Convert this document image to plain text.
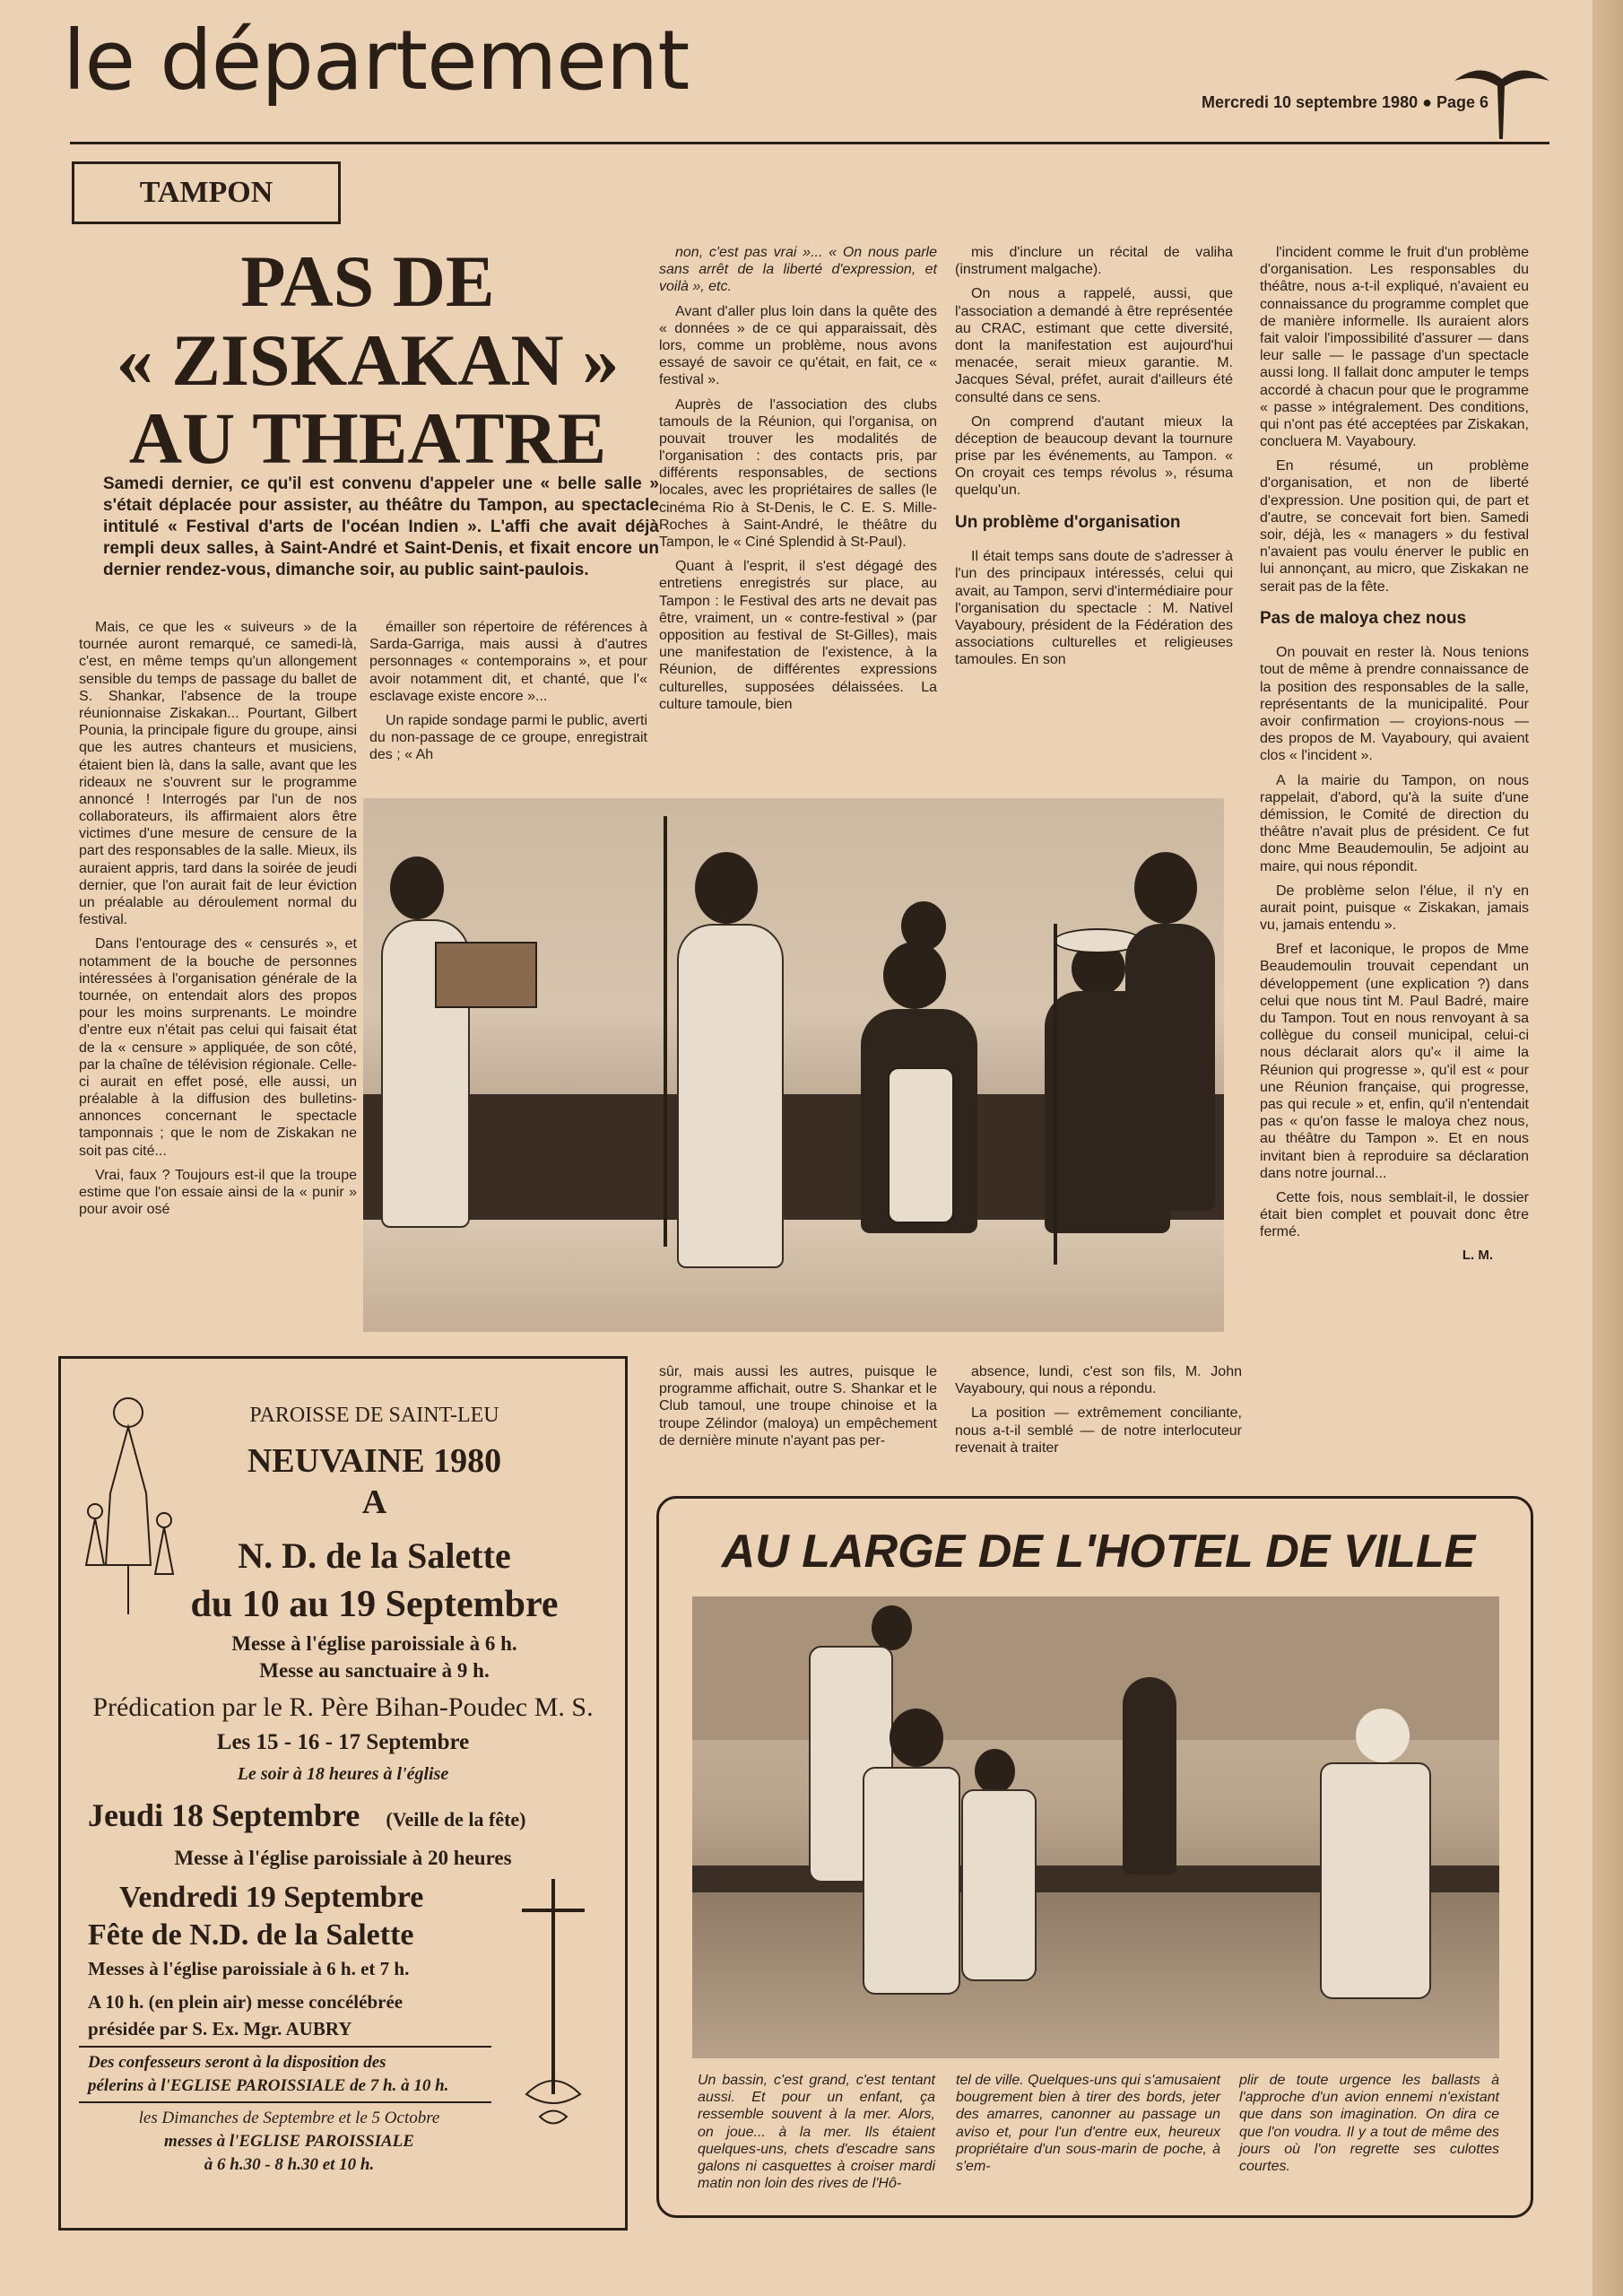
le département	Mercredi 10 septembre 1980 ● Page 6
TAMPON
PAS DE
« ZISKAKAN »
AU THEATRE
Samedi dernier, ce qu'il est convenu d'appeler une « belle salle » s'était déplacée pour assister, au théâtre du Tampon, au spectacle intitulé « Festival d'arts de l'océan Indien ». L'affi che avait déjà rempli deux salles, à Saint-André et Saint-Denis, et fixait encore un dernier rendez-vous, dimanche soir, au public saint-paulois.

Mais, ce que les « suiveurs » de la tournée auront remarqué, ce samedi-là, c'est, en même temps qu'un allongement sensible du temps de passage du ballet de S. Shankar, l'absence de la troupe réunionnaise Ziskakan... Pourtant, Gilbert Pounia, la principale figure du groupe, ainsi que les autres chanteurs et musiciens, étaient bien là, dans la salle, avant que les rideaux ne s'ouvrent sur le programme annoncé ! Interrogés par l'un de nos collaborateurs, ils affirmaient alors être victimes d'une mesure de censure de la part des responsables de la salle. Mieux, ils auraient appris, tard dans la soirée de jeudi dernier, que l'on aurait fait de leur éviction un préalable au déroulement normal du festival.

Dans l'entourage des « censurés », et notamment de la bouche de personnes intéressées à l'organisation générale de la tournée, on entendait alors des propos pour les moins surprenants. Le moindre d'entre eux n'était pas celui qui faisait état de la « censure » appliquée, de son côté, par la chaîne de télévision régionale. Celle-ci aurait en effet posé, elle aussi, un préalable à la diffusion des bulletins-annonces concernant le spectacle tamponnais ; que le nom de Ziskakan ne soit pas cité...

Vrai, faux ? Toujours est-il que la troupe estime que l'on essaie ainsi de la « punir » pour avoir osé

émailler son répertoire de références à Sarda-Garriga, mais aussi à d'autres personnages « contemporains », et pour avoir notamment dit, et chanté, que l'« esclavage existe encore »...

Un rapide sondage parmi le public, averti du non-passage de ce groupe, enregistrait des ; « Ah

non, c'est pas vrai »... « On nous parle sans arrêt de la liberté d'expression, et voilà », etc.

Avant d'aller plus loin dans la quête des « données » de ce qui apparaissait, dès lors, comme un problème, nous avons essayé de savoir ce qu'était, en fait, ce « festival ».

Auprès de l'association des clubs tamouls de la Réunion, qui l'organisa, on pouvait trouver les modalités de l'organisation : des contacts pris, par différents responsables, de sections locales, avec les propriétaires de salles (le cinéma Rio à St-Denis, le C. E. S. Mille-Roches à Saint-André, le théâtre du Tampon, le « Ciné Splendid à St-Paul).

Quant à l'esprit, il s'est dégagé des entretiens enregistrés sur place, au Tampon : le Festival des arts ne devait pas être, vraiment, un « contre-festival » (par opposition au festival de St-Gilles), mais une manifestation de l'existence, à la Réunion, de différentes expressions culturelles, supposées délaissées. La culture tamoule, bien

mis d'inclure un récital de valiha (instrument malgache).

On nous a rappelé, aussi, que l'association a demandé à être représentée au CRAC, estimant que cette diversité, dont la manifestation est aujourd'hui menacée, serait mieux garantie. M. Jacques Séval, préfet, aurait d'ailleurs été consulté dans ce sens.

On comprend d'autant mieux la déception de beaucoup devant la tournure prise par les événements, au Tampon. « On croyait ces temps révolus », résuma quelqu'un.

Un problème d'organisation

Il était temps sans doute de s'adresser à l'un des principaux intéressés, celui qui avait, au Tampon, servi d'intermédiaire pour l'organisation du spectacle : M. Nativel Vayaboury, président de la Fédération des associations culturelles et religieuses tamoules. En son

l'incident comme le fruit d'un problème d'organisation. Les responsables du théâtre, nous a-t-il expliqué, n'avaient eu connaissance du programme complet que de manière informelle. Ils auraient alors fait valoir l'impossibilité d'assurer — dans leur salle — le passage d'un spectacle aussi long. Il fallait donc amputer le temps accordé à chacun pour que le programme « passe » intégralement. Des conditions, qui n'ont pas été acceptées par Ziskakan, concluera M. Vayaboury.

En résumé, un problème d'organisation, et non de liberté d'expression. Une position qui, de part et d'autre, se concevait fort bien. Samedi soir, déjà, les « managers » du festival n'avaient pas voulu énerver le public en lui annonçant, au micro, que Ziskakan ne serait pas de la fête.

Pas de maloya chez nous

On pouvait en rester là. Nous tenions tout de même à prendre connaissance de la position des responsables de la salle, représentants de la municipalité. Pour avoir confirmation — croyions-nous — des propos de M. Vayaboury, qui avaient clos « l'incident ».

A la mairie du Tampon, on nous rappelait, d'abord, qu'à la suite d'une démission, le Comité de direction du théâtre n'avait plus de président. Ce fut donc Mme Beaudemoulin, 5e adjoint au maire, qui nous répondit.

De problème selon l'élue, il n'y en aurait point, puisque « Ziskakan, jamais vu, jamais entendu ».

Bref et laconique, le propos de Mme Beaudemoulin trouvait cependant un développement (une explication ?) dans celui que nous tint M. Paul Badré, maire du Tampon. Tout en nous renvoyant à sa collègue du conseil municipal, celui-ci nous déclarait alors qu'« il aime la Réunion qui progresse », qu'il est « pour une Réunion française, qui progresse, pas qui recule » et, enfin, qu'il n'entendait pas « qu'on fasse le maloya chez nous, au théâtre du Tampon ». Et en nous invitant bien à reproduire sa déclaration dans notre journal...

Cette fois, nous semblait-il, le dossier était bien complet et pouvait donc être fermé.

L. M.
sûr, mais aussi les autres, puisque le programme affichait, outre S. Shankar et le Club tamoul, une troupe chinoise et la troupe Zélindor (maloya) un empêchement de dernière minute n'ayant pas per-

absence, lundi, c'est son fils, M. John Vayaboury, qui nous a répondu.

La position — extrêmement conciliante, nous a-t-il semblé — de notre interlocuteur revenait à traiter

PAROISSE DE SAINT-LEU
NEUVAINE 1980
A
N. D. de la Salette
du 10 au 19 Septembre
Messe à l'église paroissiale à 6 h.
Messe au sanctuaire à 9 h.
Prédication par le R. Père Bihan-Poudec M. S.
Les 15 - 16 - 17 Septembre
Le soir à 18 heures à l'église
Jeudi 18 Septembre (Veille de la fête)
Messe à l'église paroissiale à 20 heures
Vendredi 19 Septembre
Fête de N.D. de la Salette
Messes à l'église paroissiale à 6 h. et 7 h.
A 10 h. (en plein air) messe concélébrée
présidée par S. Ex. Mgr. AUBRY
Des confesseurs seront à la disposition des
pélerins à l'EGLISE PAROISSIALE de 7 h. à 10 h.
les Dimanches de Septembre et le 5 Octobre
messes à l'EGLISE PAROISSIALE
à 6 h.30 - 8 h.30 et 10 h.
AU LARGE DE L'HOTEL DE VILLE
Un bassin, c'est grand, c'est tentant aussi. Et pour un enfant, ça ressemble souvent à la mer. Alors, on joue... à la mer. Ils étaient quelques-uns, chets d'escadre sans galons ni casquettes à croiser mardi matin non loin des rives de l'Hô-
tel de ville. Quelques-uns qui s'amusaient bougrement bien à tirer des bords, jeter des amarres, canonner au passage un aviso et, pour l'un d'entre eux, heureux propriétaire d'un sous-marin de poche, à s'em-
plir de toute urgence les ballasts à l'approche d'un avion ennemi n'existant que dans son imagination. On dira ce que l'on voudra. Il y a tout de même des jours où l'on regrette ses culottes courtes.
